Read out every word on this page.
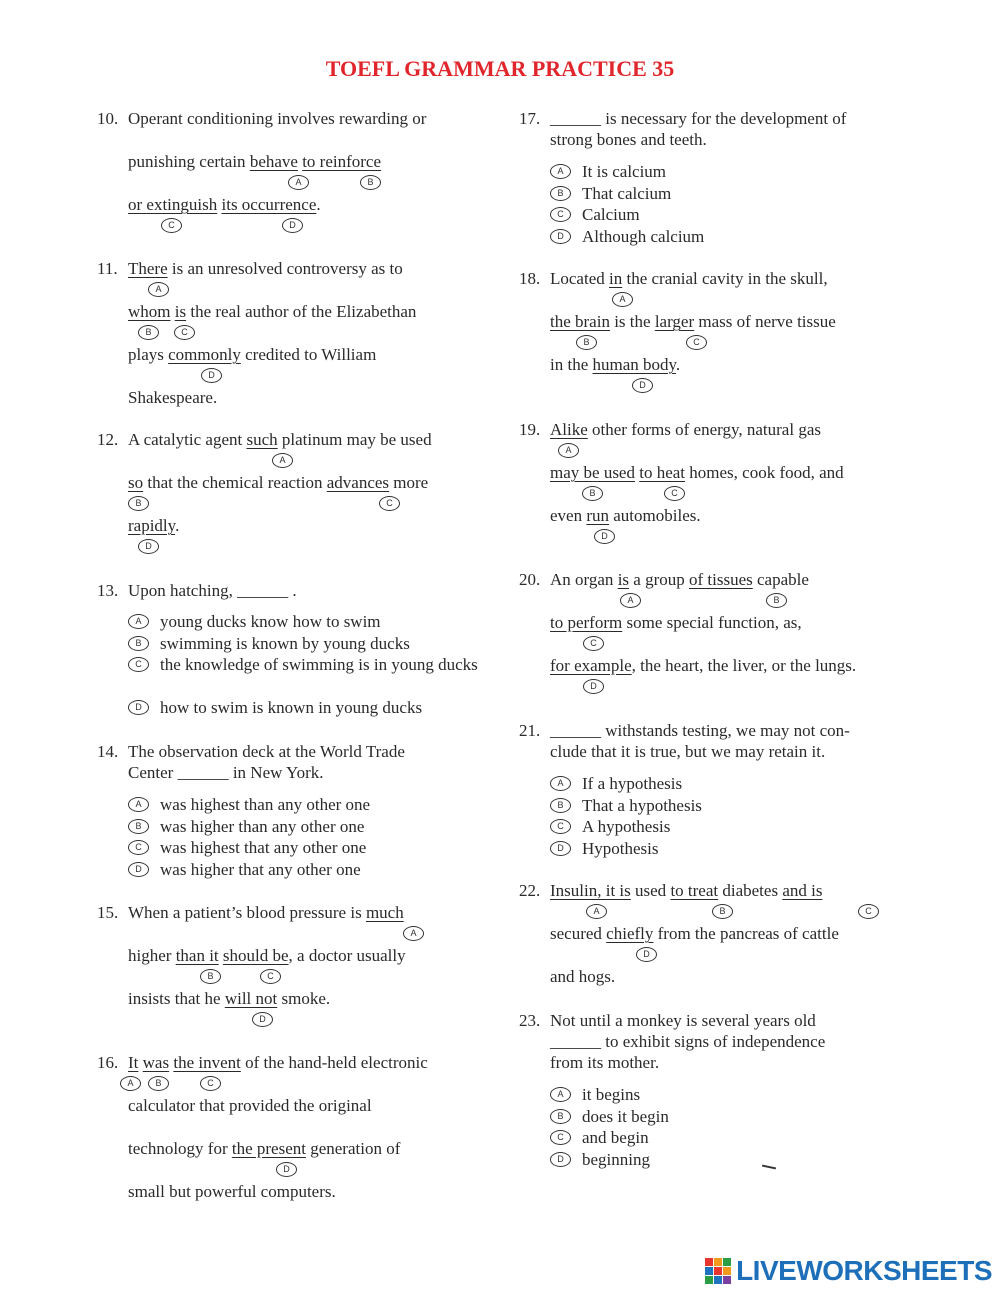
TOEFL GRAMMAR PRACTICE 35
10. Operant conditioning involves rewarding or
punishing certain behave to reinforce
A	B
or extinguish its occurrence.
C	D
11. There is an unresolved controversy as to
A
whom is the real author of the Elizabethan
B	C
plays commonly credited to William
D
Shakespeare.
12. A catalytic agent such platinum may be used
A
so that the chemical reaction advances more
B	C
rapidly.
D
13. Upon hatching, ______ .
A	young ducks know how to swim
B	swimming is known by young ducks
C	the knowledge of swimming is in young ducks
D	how to swim is known in young ducks
14. The observation deck at the World Trade
Center ______ in New York.
A	was highest than any other one
B	was higher than any other one
C	was highest that any other one
D	was higher that any other one
15. When a patient’s blood pressure is much
A
higher than it should be, a doctor usually
B	C
insists that he will not smoke.
D
16. It was the invent of the hand-held electronic
A	B	C
calculator that provided the original
technology for the present generation of
D
small but powerful computers.
17. ______ is necessary for the development of
strong bones and teeth.
A	It is calcium
B	That calcium
C	Calcium
D	Although calcium
18. Located in the cranial cavity in the skull,
A
the brain is the larger mass of nerve tissue
B	C
in the human body.
D
19. Alike other forms of energy, natural gas
A
may be used to heat homes, cook food, and
B	C
even run automobiles.
D
20. An organ is a group of tissues capable
A	B
to perform some special function, as,
C
for example, the heart, the liver, or the lungs.
D
21. ______ withstands testing, we may not con-
clude that it is true, but we may retain it.
A	If a hypothesis
B	That a hypothesis
C	A hypothesis
D	Hypothesis
22. Insulin, it is used to treat diabetes and is
A	B	C
secured chiefly from the pancreas of cattle
D
and hogs.
23. Not until a monkey is several years old
______ to exhibit signs of independence
from its mother.
A	it begins
B	does it begin
C	and begin
D	beginning
LIVEWORKSHEETS
